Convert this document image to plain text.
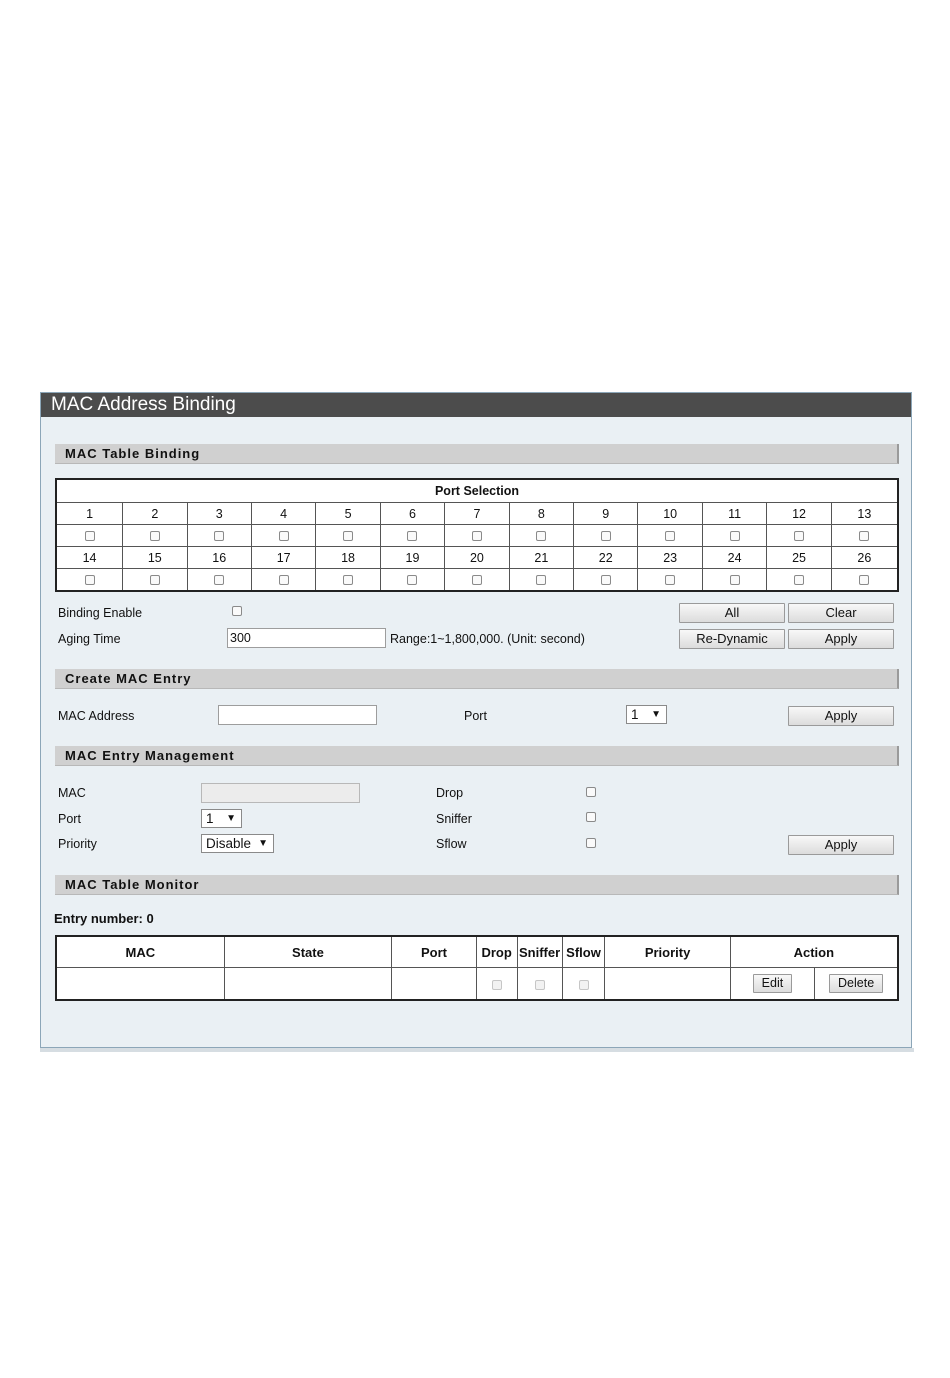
MAC Address Binding
MAC Table Binding
Port Selection												
1	2	3	4	5	6	7	8	9	10	11	12	13

14	15	16	17	18	19	20	21	22	23	24	25	26

Binding Enable
Aging Time	300	Range:1~1,800,000. (Unit: second)
All	Clear
Re-Dynamic	Apply
Create MAC Entry
MAC Address	Port	1 ▼	Apply
MAC Entry Management
MAC
Port	1 ▼
Priority	Disable ▼
Drop
Sniffer
Sflow	Apply
MAC Table Monitor
Entry number: 0
MAC	State	Port	Drop	Sniffer	Sflow	Priority	Action	
							Edit	Delete
